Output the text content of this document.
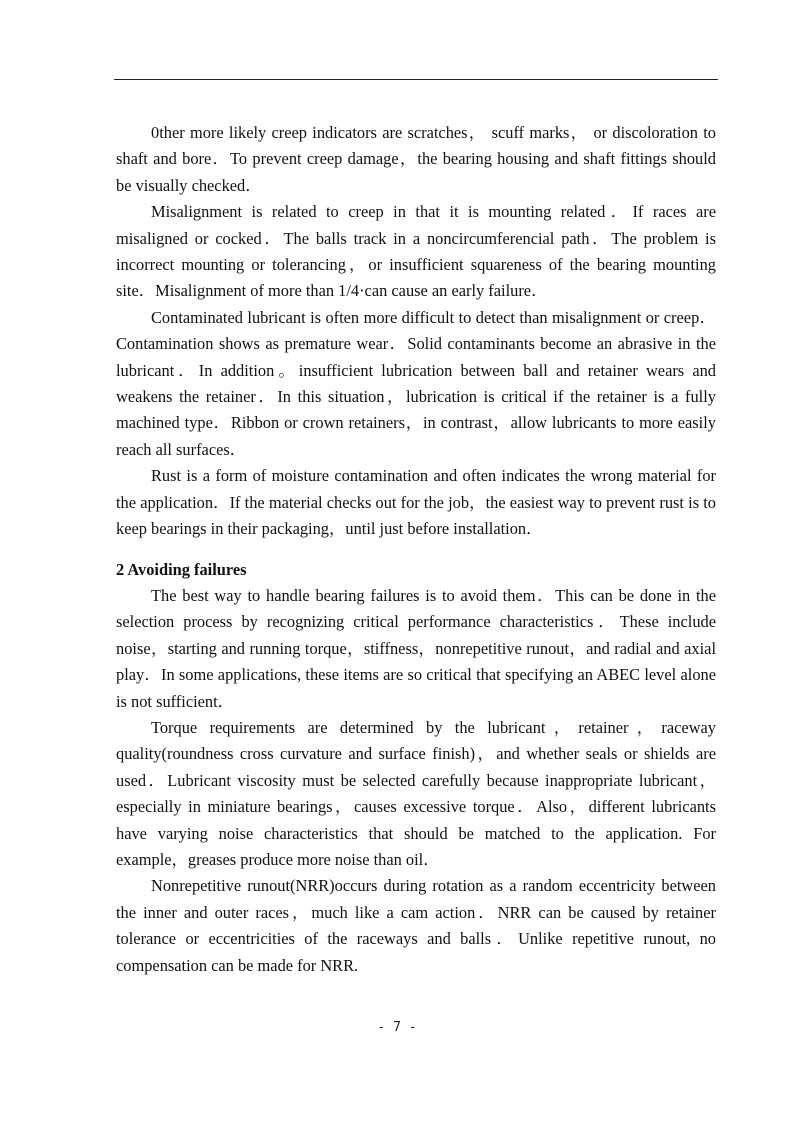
0ther more likely creep indicators are scratches， scuff marks， or discoloration to shaft and bore．To prevent creep damage，the bearing housing and shaft fittings should be visually checked．

Misalignment is related to creep in that it is mounting related．If races are misaligned or cocked．The balls track in a noncircumferencial path．The problem is incorrect mounting or tolerancing，or insufficient squareness of the bearing mounting site．Misalignment of more than 1/4·can cause an early failure．

Contaminated lubricant is often more difficult to detect than misalignment or creep．Contamination shows as premature wear．Solid contaminants become an abrasive in the lubricant．In addition。insufficient lubrication between ball and retainer wears and weakens the retainer．In this situation，lubrication is critical if the retainer is a fully machined type．Ribbon or crown retainers，in contrast，allow lubricants to more easily reach all surfaces．

Rust is a form of moisture contamination and often indicates the wrong material for the application．If the material checks out for the job，the easiest way to prevent rust is to keep bearings in their packaging，until just before installation．

2 Avoiding failures

The best way to handle bearing failures is to avoid them．This can be done in the selection process by recognizing critical performance characteristics．These include noise，starting and running torque，stiffness，nonrepetitive runout，and radial and axial play．In some applications, these items are so critical that specifying an ABEC level alone is not sufficient．

Torque requirements are determined by the lubricant，retainer，raceway quality(roundness cross curvature and surface finish)，and whether seals or shields are used．Lubricant viscosity must be selected carefully because inappropriate lubricant，especially in miniature bearings，causes excessive torque．Also，different lubricants have varying noise characteristics that should be matched to the application. For example，greases produce more noise than oil．

Nonrepetitive runout(NRR)occurs during rotation as a random eccentricity between the inner and outer races，much like a cam action．NRR can be caused by retainer tolerance or eccentricities of the raceways and balls．Unlike repetitive runout, no compensation can be made for NRR.

- 7 -
